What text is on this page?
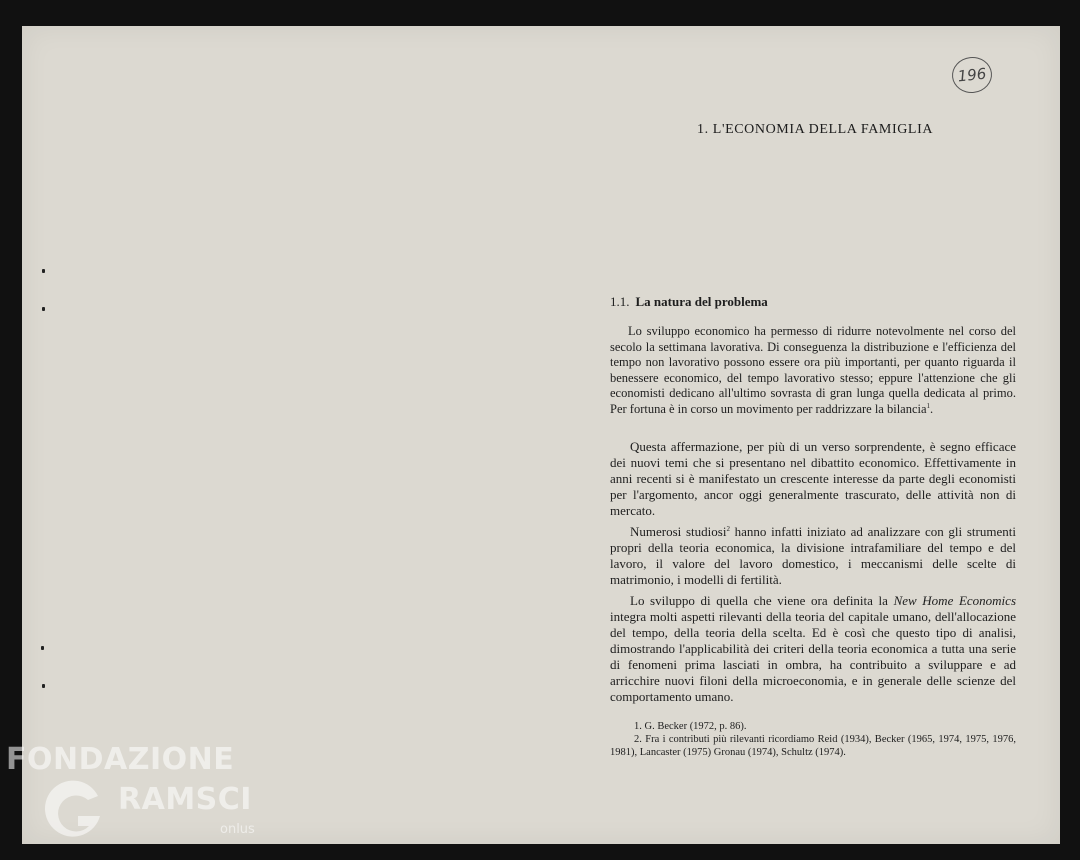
196
1. L'ECONOMIA DELLA FAMIGLIA
1.1. La natura del problema
Lo sviluppo economico ha permesso di ridurre notevolmente nel corso del secolo la settimana lavorativa. Di conseguenza la distribuzione e l'efficienza del tempo non lavorativo possono essere ora più importanti, per quanto riguarda il benessere economico, del tempo lavorativo stesso; eppure l'attenzione che gli economisti dedicano all'ultimo sovrasta di gran lunga quella dedicata al primo. Per fortuna è in corso un movimento per raddrizzare la bilancia$^1$.

Questa affermazione, per più di un verso sorprendente, è segno efficace dei nuovi temi che si presentano nel dibattito economico. Effettivamente in anni recenti si è manifestato un crescente interesse da parte degli economisti per l'argomento, ancor oggi generalmente trascurato, delle attività non di mercato.

Numerosi studiosi$^2$ hanno infatti iniziato ad analizzare con gli strumenti propri della teoria economica, la divisione intrafamiliare del tempo e del lavoro, il valore del lavoro domestico, i meccanismi delle scelte di matrimonio, i modelli di fertilità.

Lo sviluppo di quella che viene ora definita la New Home Economics integra molti aspetti rilevanti della teoria del capitale umano, dell'allocazione del tempo, della teoria della scelta. Ed è così che questo tipo di analisi, dimostrando l'applicabilità dei criteri della teoria economica a tutta una serie di fenomeni prima lasciati in ombra, ha contribuito a sviluppare e ad arricchire nuovi filoni della microeconomia, e in generale delle scienze del comportamento umano.

1. G. Becker (1972, p. 86).

2. Fra i contributi più rilevanti ricordiamo Reid (1934), Becker (1965, 1974, 1975, 1976, 1981), Lancaster (1975) Gronau (1974), Schultz (1974).

FONDAZIONE
RAMSCI
onlus
